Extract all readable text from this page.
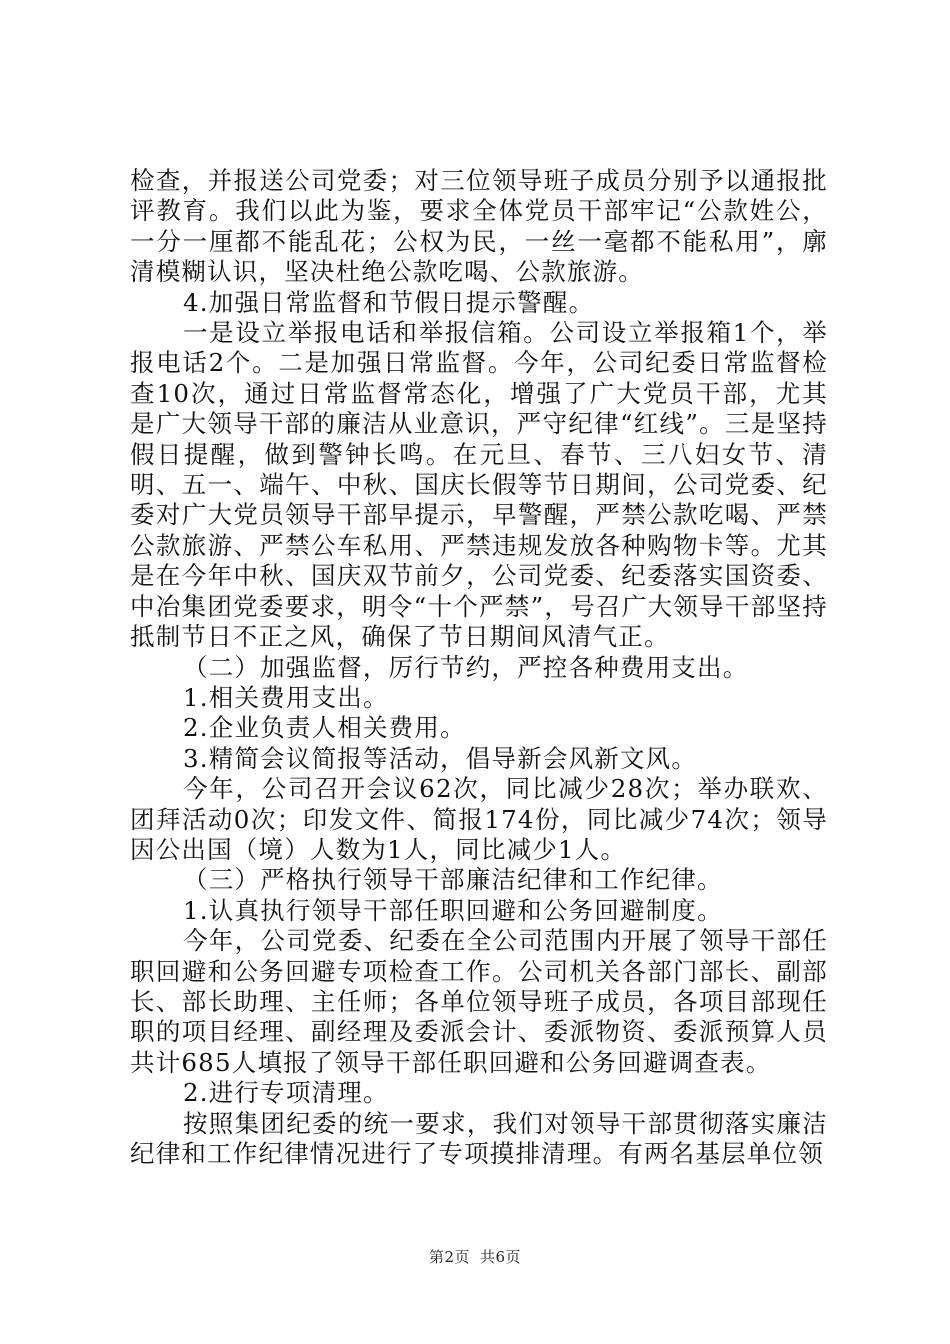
检查，并报送公司党委；对三位领导班子成员分别予以通报批评教育。我们以此为鉴，要求全体党员干部牢记“公款姓公，一分一厘都不能乱花；公权为民，一丝一毫都不能私用”，廓清模糊认识，坚决杜绝公款吃喝、公款旅游。

4.加强日常监督和节假日提示警醒。

一是设立举报电话和举报信箱。公司设立举报箱1个，举报电话2个。二是加强日常监督。今年，公司纪委日常监督检查10次，通过日常监督常态化，增强了广大党员干部，尤其是广大领导干部的廉洁从业意识，严守纪律“红线”。三是坚持假日提醒，做到警钟长鸣。在元旦、春节、三八妇女节、清明、五一、端午、中秋、国庆长假等节日期间，公司党委、纪委对广大党员领导干部早提示，早警醒，严禁公款吃喝、严禁公款旅游、严禁公车私用、严禁违规发放各种购物卡等。尤其是在今年中秋、国庆双节前夕，公司党委、纪委落实国资委、中冶集团党委要求，明令“十个严禁”，号召广大领导干部坚持抵制节日不正之风，确保了节日期间风清气正。

（二）加强监督，厉行节约，严控各种费用支出。

1.相关费用支出。

2.企业负责人相关费用。

3.精简会议简报等活动，倡导新会风新文风。

今年，公司召开会议62次，同比减少28次；举办联欢、团拜活动0次；印发文件、简报174份，同比减少74次；领导因公出国（境）人数为1人，同比减少1人。

（三）严格执行领导干部廉洁纪律和工作纪律。

1.认真执行领导干部任职回避和公务回避制度。

今年，公司党委、纪委在全公司范围内开展了领导干部任职回避和公务回避专项检查工作。公司机关各部门部长、副部长、部长助理、主任师；各单位领导班子成员，各项目部现任职的项目经理、副经理及委派会计、委派物资、委派预算人员共计685人填报了领导干部任职回避和公务回避调查表。

2.进行专项清理。

按照集团纪委的统一要求，我们对领导干部贯彻落实廉洁纪律和工作纪律情况进行了专项摸排清理。有两名基层单位领

第2页 共6页
